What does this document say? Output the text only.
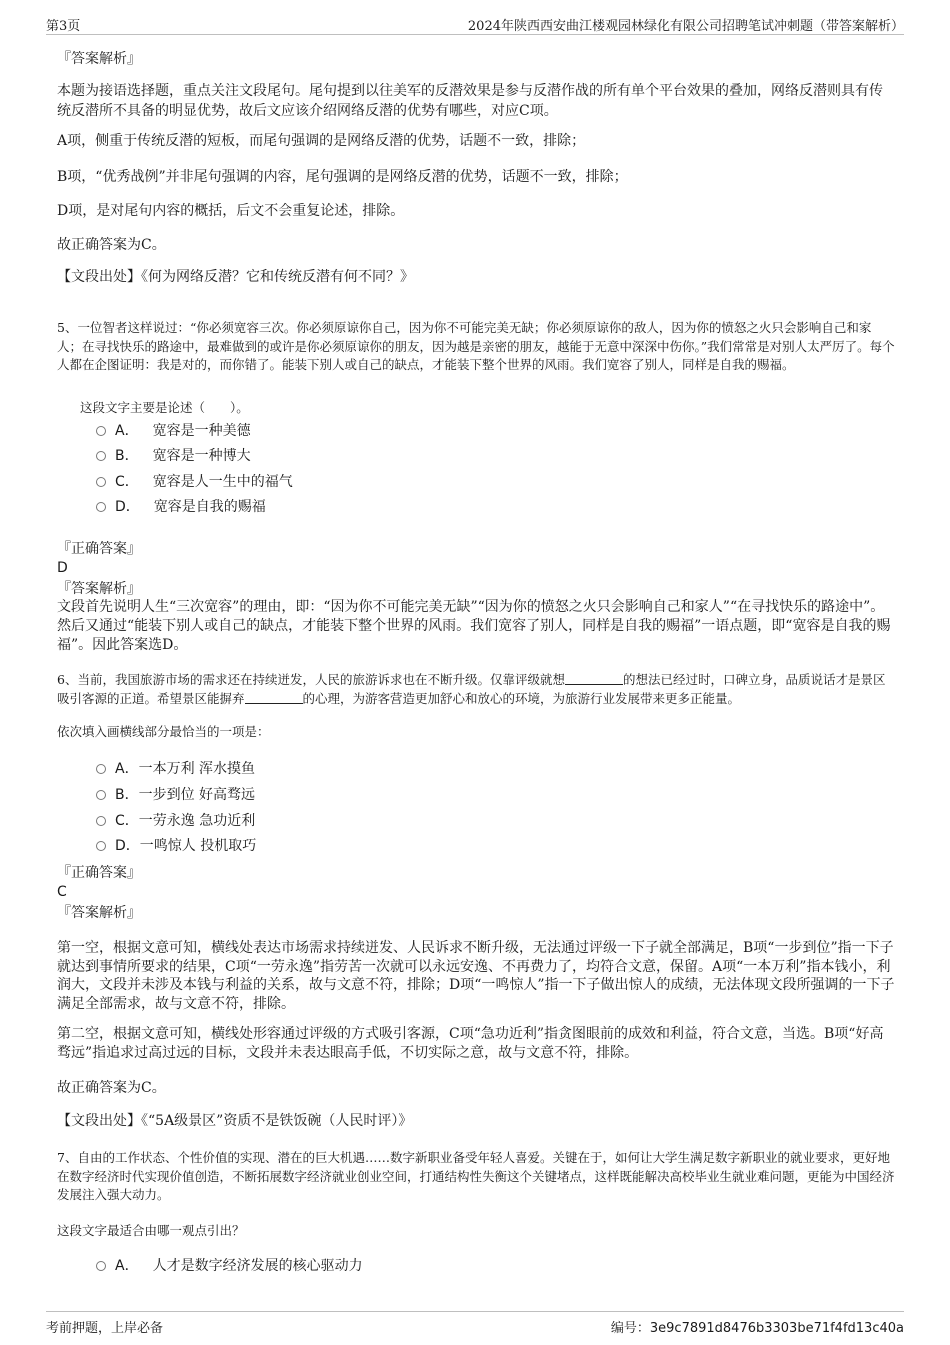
第3页	2024年陕西西安曲江楼观园林绿化有限公司招聘笔试冲刺题（带答案解析）
『答案解析』
本题为接语选择题，重点关注文段尾句。尾句提到以往美军的反潜效果是参与反潜作战的所有单个平台效果的叠加，网络反潜则具有传统反潜所不具备的明显优势，故后文应该介绍网络反潜的优势有哪些，对应C项。
A项，侧重于传统反潜的短板，而尾句强调的是网络反潜的优势，话题不一致，排除；
B项，“优秀战例”并非尾句强调的内容，尾句强调的是网络反潜的优势，话题不一致，排除；
D项，是对尾句内容的概括，后文不会重复论述，排除。
故正确答案为C。
【文段出处】《何为网络反潜？它和传统反潜有何不同？》
5、一位智者这样说过：“你必须宽容三次。你必须原谅你自己，因为你不可能完美无缺；你必须原谅你的敌人，因为你的愤怒之火只会影响自己和家人；在寻找快乐的路途中，最难做到的或许是你必须原谅你的朋友，因为越是亲密的朋友，越能于无意中深深中伤你。”我们常常是对别人太严厉了。每个人都在企图证明：我是对的，而你错了。能装下别人或自己的缺点，才能装下整个世界的风雨。我们宽容了别人，同样是自我的赐福。
这段文字主要是论述（　　）。
A． 宽容是一种美德
B． 宽容是一种博大
C． 宽容是人一生中的福气
D． 宽容是自我的赐福
『正确答案』
D
『答案解析』
文段首先说明人生“三次宽容”的理由，即：“因为你不可能完美无缺”“因为你的愤怒之火只会影响自己和家人”“在寻找快乐的路途中”。然后又通过“能装下别人或自己的缺点，才能装下整个世界的风雨。我们宽容了别人，同样是自我的赐福”一语点题，即“宽容是自我的赐福”。因此答案选D。
6、当前，我国旅游市场的需求还在持续迸发，人民的旅游诉求也在不断升级。仅靠评级就想	的想法已经过时，口碑立身，品质说话才是景区吸引客源的正道。希望景区能摒弃	的心理，为游客营造更加舒心和放心的环境，为旅游行业发展带来更多正能量。
依次填入画横线部分最恰当的一项是：
A．一本万利 浑水摸鱼
B．一步到位 好高骛远
C．一劳永逸 急功近利
D．一鸣惊人 投机取巧
『正确答案』
C
『答案解析』
第一空，根据文意可知，横线处表达市场需求持续迸发、人民诉求不断升级，无法通过评级一下子就全部满足，B项“一步到位”指一下子就达到事情所要求的结果，C项“一劳永逸”指劳苦一次就可以永远安逸、不再费力了，均符合文意，保留。A项“一本万利”指本钱小，利润大，文段并未涉及本钱与利益的关系，故与文意不符，排除；D项“一鸣惊人”指一下子做出惊人的成绩，无法体现文段所强调的一下子满足全部需求，故与文意不符，排除。
第二空，根据文意可知，横线处形容通过评级的方式吸引客源，C项“急功近利”指贪图眼前的成效和利益，符合文意，当选。B项“好高骛远”指追求过高过远的目标，文段并未表达眼高手低，不切实际之意，故与文意不符，排除。
故正确答案为C。
【文段出处】《“5A级景区”资质不是铁饭碗（人民时评）》
7、自由的工作状态、个性价值的实现、潜在的巨大机遇……数字新职业备受年轻人喜爱。关键在于，如何让大学生满足数字新职业的就业要求，更好地在数字经济时代实现价值创造，不断拓展数字经济就业创业空间，打通结构性失衡这个关键堵点，这样既能解决高校毕业生就业难问题，更能为中国经济发展注入强大动力。
这段文字最适合由哪一观点引出？
A． 人才是数字经济发展的核心驱动力
考前押题，上岸必备	编号：3e9c7891d8476b3303be71f4fd13c40a
